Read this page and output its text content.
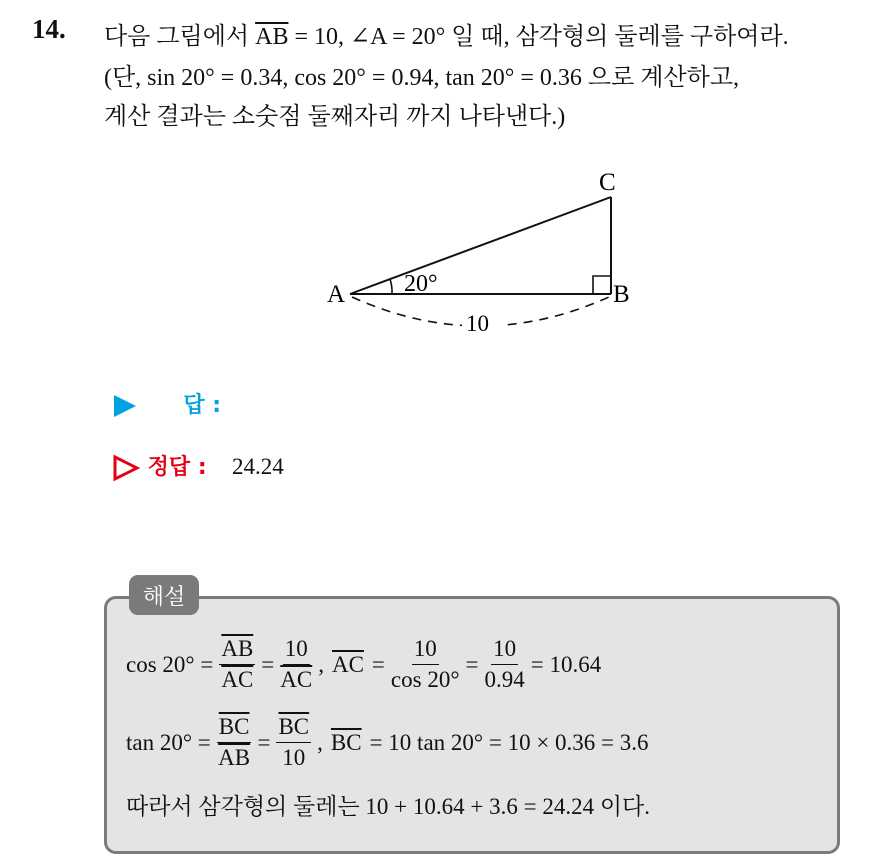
14. 다음 그림에서 $\overline{AB} = 10$, ∠A = 20° 일 때, 삼각형의 둘레를 구하여라.
(단, sin 20° = 0.34, cos 20° = 0.94, tan 20° = 0.36 으로 계산하고,
계산 결과는 소숫점 둘째자리 까지 나타낸다.)
A	B
C
20°
10
답 :
정답 : 24.24
해설
$\cos 20^\circ = \frac{\overline{AB}}{AC} = \frac{10}{AC}$ , $\overline{AC} = \frac{10}{\cos 20^\circ} = \frac{10}{0.94} = 10.64$
$\tan 20^\circ = \frac{\overline{BC}}{AB} = \frac{\overline{BC}}{10}$ , $\overline{BC} = 10$ tan 20° = 10 × 0.36 = 3.6
따라서 삼각형의 둘레는 10 + 10.64 + 3.6 = 24.24 이다.
